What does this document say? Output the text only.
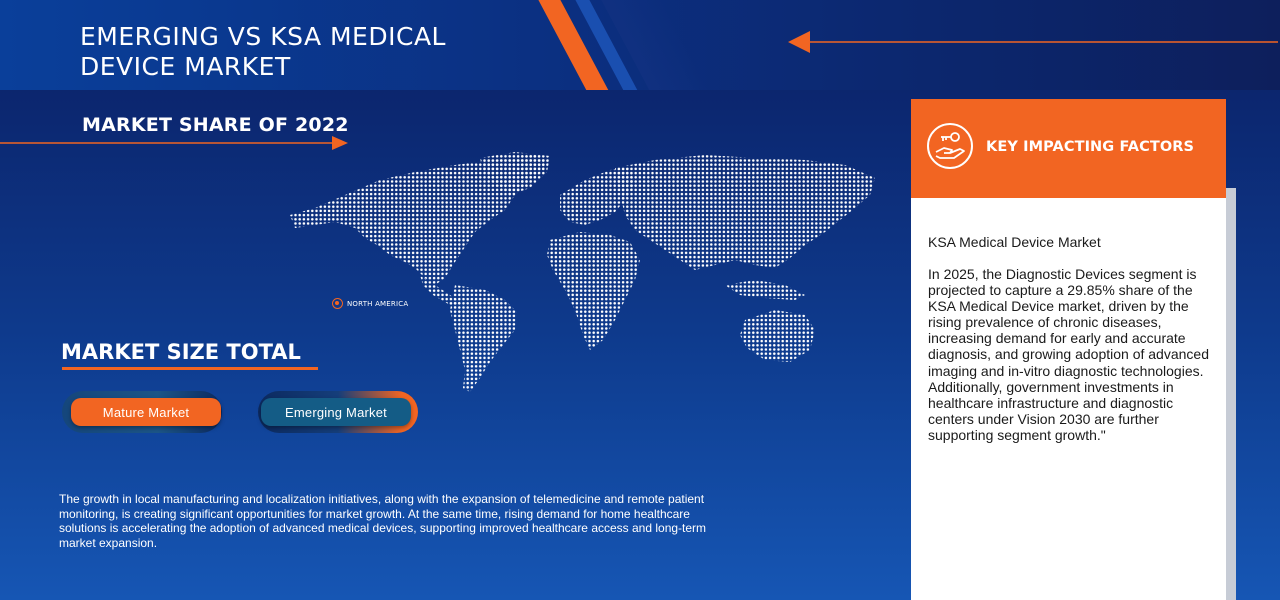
EMERGING VS KSA MEDICAL DEVICE MARKET
MARKET SHARE OF 2022
NORTH AMERICA
MARKET SIZE TOTAL
Mature Market	Emerging Market
The growth in local manufacturing and localization initiatives, along with the expansion of telemedicine and remote patient monitoring, is creating significant opportunities for market growth. At the same time, rising demand for home healthcare solutions is accelerating the adoption of advanced medical devices, supporting improved healthcare access and long-term market expansion.
KEY IMPACTING FACTORS
KSA Medical Device Market
In 2025, the Diagnostic Devices segment is projected to capture a 29.85% share of the KSA Medical Device market, driven by the rising prevalence of chronic diseases, increasing demand for early and accurate diagnosis, and growing adoption of advanced imaging and in-vitro diagnostic technologies. Additionally, government investments in healthcare infrastructure and diagnostic centers under Vision 2030 are further supporting segment growth."
